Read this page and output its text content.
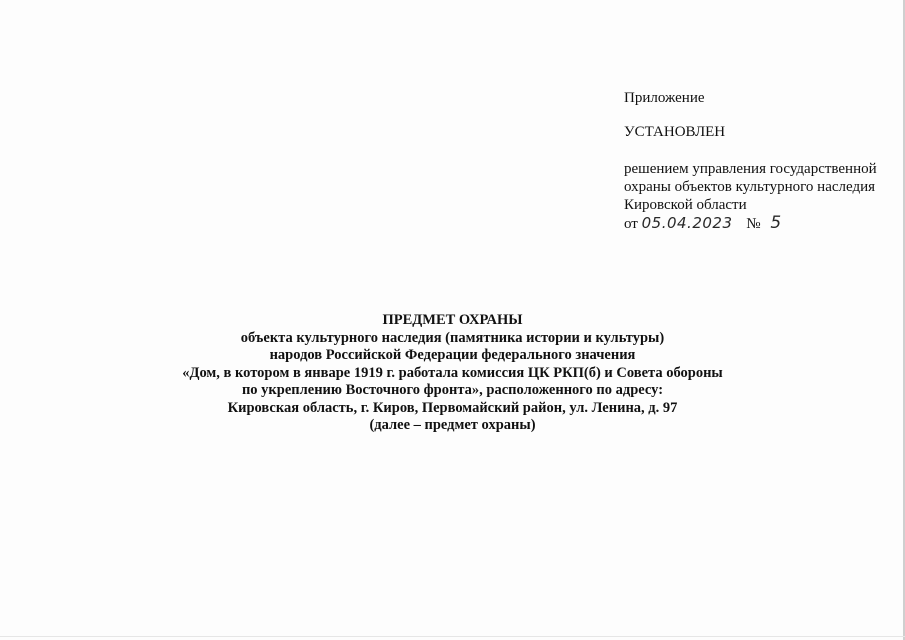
Приложение
УСТАНОВЛЕН
решением управления государственной
охраны объектов культурного наследия
Кировской области
от 05.04.2023 № 5
ПРЕДМЕТ ОХРАНЫ
объекта культурного наследия (памятника истории и культуры)
народов Российской Федерации федерального значения
«Дом, в котором в январе 1919 г. работала комиссия ЦК РКП(б) и Совета обороны
по укреплению Восточного фронта», расположенного по адресу:
Кировская область, г. Киров, Первомайский район, ул. Ленина, д. 97
(далее – предмет охраны)
